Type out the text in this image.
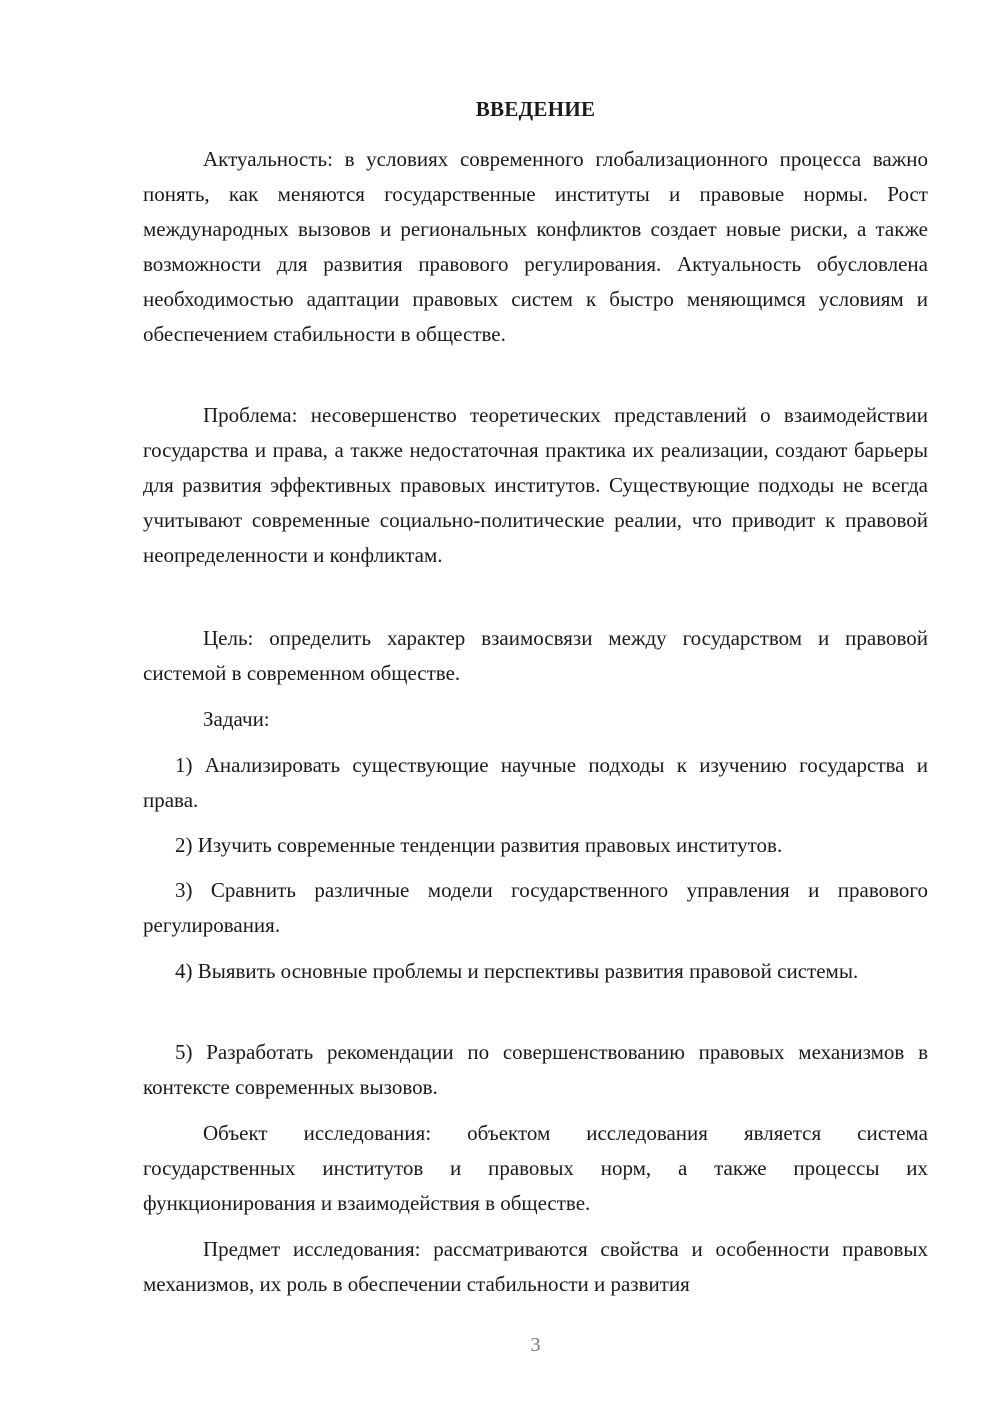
ВВЕДЕНИЕ

Актуальность: в условиях современного глобализационного процесса важно понять, как меняются государственные институты и правовые нормы. Рост международных вызовов и региональных конфликтов создает новые риски, а также возможности для развития правового регулирования. Актуальность обусловлена необходимостью адаптации правовых систем к быстро меняющимся условиям и обеспечением стабильности в обществе.

Проблема: несовершенство теоретических представлений о взаимодействии государства и права, а также недостаточная практика их реализации, создают барьеры для развития эффективных правовых институтов. Существующие подходы не всегда учитывают современные социально-политические реалии, что приводит к правовой неопределенности и конфликтам.

Цель: определить характер взаимосвязи между государством и правовой системой в современном обществе.

Задачи:

1) Анализировать существующие научные подходы к изучению государства и права.

2) Изучить современные тенденции развития правовых институтов.

3) Сравнить различные модели государственного управления и правового регулирования.

4) Выявить основные проблемы и перспективы развития правовой системы.

5) Разработать рекомендации по совершенствованию правовых механизмов в контексте современных вызовов.

Объект исследования: объектом исследования является система государственных институтов и правовых норм, а также процессы их функционирования и взаимодействия в обществе.

Предмет исследования: рассматриваются свойства и особенности правовых механизмов, их роль в обеспечении стабильности и развития

3
